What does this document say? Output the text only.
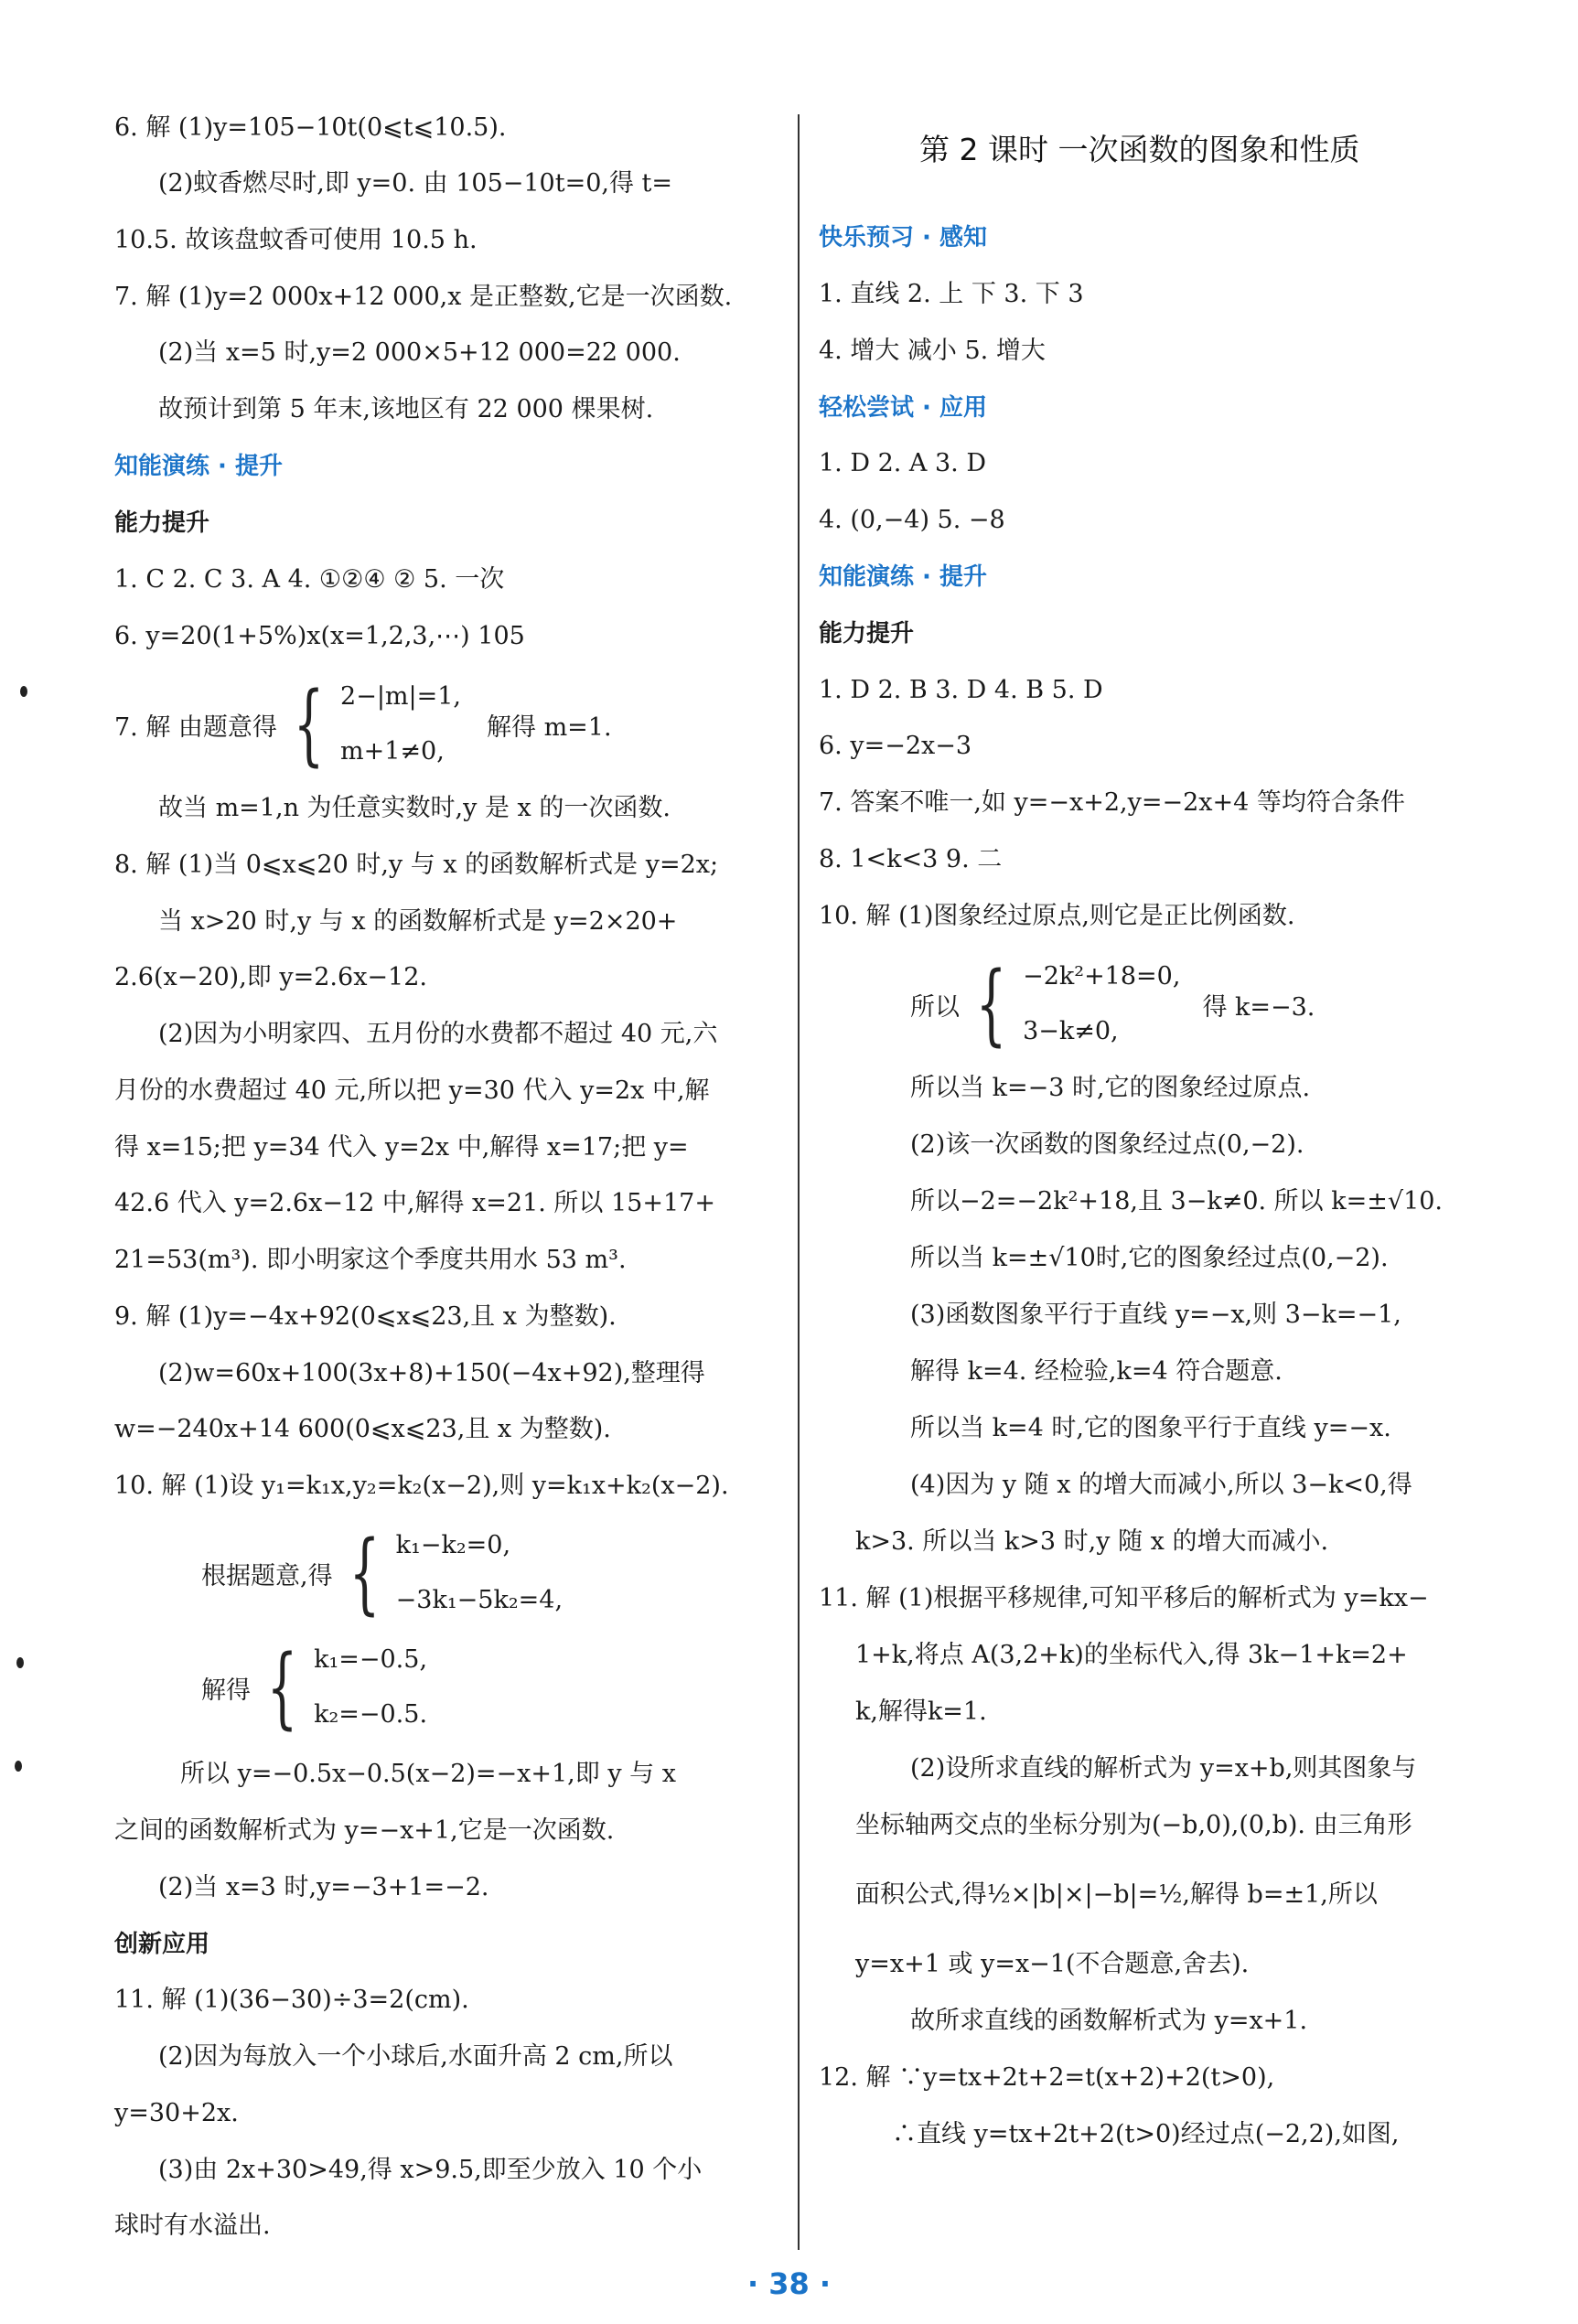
6. 解 (1)y=105−10t(0⩽t⩽10.5).
(2)蚊香燃尽时,即 y=0. 由 105−10t=0,得 t=
10.5. 故该盘蚊香可使用 10.5 h.
7. 解 (1)y=2 000x+12 000,x 是正整数,它是一次函数.
(2)当 x=5 时,y=2 000×5+12 000=22 000.
故预计到第 5 年末,该地区有 22 000 棵果树.
知能演练 · 提升
能力提升
1. C 2. C 3. A 4. ①②④ ② 5. 一次
6. y=20(1+5%)x(x=1,2,3,⋯) 105
7. 解 由题意得 { 2−|m|=1,
m+1≠0,
解得 m=1.
故当 m=1,n 为任意实数时,y 是 x 的一次函数.
8. 解 (1)当 0⩽x⩽20 时,y 与 x 的函数解析式是 y=2x;
当 x>20 时,y 与 x 的函数解析式是 y=2×20+
2.6(x−20),即 y=2.6x−12.
(2)因为小明家四、五月份的水费都不超过 40 元,六
月份的水费超过 40 元,所以把 y=30 代入 y=2x 中,解
得 x=15;把 y=34 代入 y=2x 中,解得 x=17;把 y=
42.6 代入 y=2.6x−12 中,解得 x=21. 所以 15+17+
21=53(m³). 即小明家这个季度共用水 53 m³.
9. 解 (1)y=−4x+92(0⩽x⩽23,且 x 为整数).
(2)w=60x+100(3x+8)+150(−4x+92),整理得
w=−240x+14 600(0⩽x⩽23,且 x 为整数).
10. 解 (1)设 y₁=k₁x,y₂=k₂(x−2),则 y=k₁x+k₂(x−2).
根据题意,得 { k₁−k₂=0,
−3k₁−5k₂=4,
解得 { k₁=−0.5,
k₂=−0.5.
所以 y=−0.5x−0.5(x−2)=−x+1,即 y 与 x
之间的函数解析式为 y=−x+1,它是一次函数.
(2)当 x=3 时,y=−3+1=−2.
创新应用
11. 解 (1)(36−30)÷3=2(cm).
(2)因为每放入一个小球后,水面升高 2 cm,所以
y=30+2x.
(3)由 2x+30>49,得 x>9.5,即至少放入 10 个小
球时有水溢出.
第 2 课时 一次函数的图象和性质
快乐预习 · 感知
1. 直线 2. 上 下 3. 下 3
4. 增大 减小 5. 增大
轻松尝试 · 应用
1. D 2. A 3. D
4. (0,−4) 5. −8
知能演练 · 提升
能力提升
1. D 2. B 3. D 4. B 5. D
6. y=−2x−3
7. 答案不唯一,如 y=−x+2,y=−2x+4 等均符合条件
8. 1<k<3 9. 二
10. 解 (1)图象经过原点,则它是正比例函数.
所以 { −2k²+18=0,
3−k≠0,
得 k=−3.
所以当 k=−3 时,它的图象经过原点.
(2)该一次函数的图象经过点(0,−2).
所以−2=−2k²+18,且 3−k≠0. 所以 k=±√10.
所以当 k=±√10时,它的图象经过点(0,−2).
(3)函数图象平行于直线 y=−x,则 3−k=−1,
解得 k=4. 经检验,k=4 符合题意.
所以当 k=4 时,它的图象平行于直线 y=−x.
(4)因为 y 随 x 的增大而减小,所以 3−k<0,得
k>3. 所以当 k>3 时,y 随 x 的增大而减小.
11. 解 (1)根据平移规律,可知平移后的解析式为 y=kx−
1+k,将点 A(3,2+k)的坐标代入,得 3k−1+k=2+
k,解得k=1.
(2)设所求直线的解析式为 y=x+b,则其图象与
坐标轴两交点的坐标分别为(−b,0),(0,b). 由三角形
面积公式,得½×|b|×|−b|=½,解得 b=±1,所以
y=x+1 或 y=x−1(不合题意,舍去).
故所求直线的函数解析式为 y=x+1.
12. 解 ∵y=tx+2t+2=t(x+2)+2(t>0),
∴直线 y=tx+2t+2(t>0)经过点(−2,2),如图,
· 38 ·
